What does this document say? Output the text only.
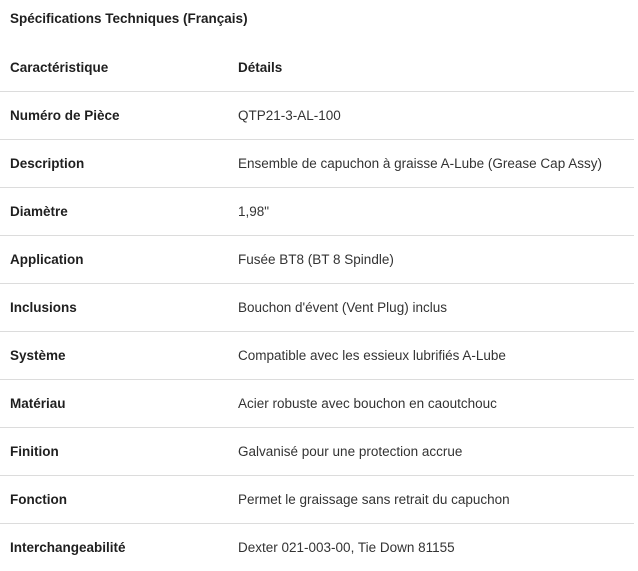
Spécifications Techniques (Français)
Caractéristique	Détails
Numéro de Pièce	QTP21-3-AL-100
Description	Ensemble de capuchon à graisse A-Lube (Grease Cap Assy)
Diamètre	1,98"
Application	Fusée BT8 (BT 8 Spindle)
Inclusions	Bouchon d'évent (Vent Plug) inclus
Système	Compatible avec les essieux lubrifiés A-Lube
Matériau	Acier robuste avec bouchon en caoutchouc
Finition	Galvanisé pour une protection accrue
Fonction	Permet le graissage sans retrait du capuchon
Interchangeabilité	Dexter 021-003-00, Tie Down 81155
